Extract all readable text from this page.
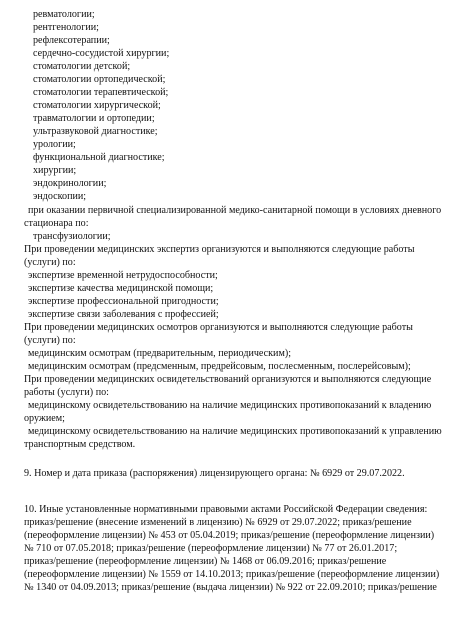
ревматологии;
рентгенологии;
рефлексотерапии;
сердечно-сосудистой хирургии;
стоматологии детской;
стоматологии ортопедической;
стоматологии терапевтической;
стоматологии хирургической;
травматологии и ортопедии;
ультразвуковой диагностике;
урологии;
функциональной диагностике;
хирургии;
эндокринологии;
эндоскопии;
при оказании первичной специализированной медико-санитарной помощи в условиях дневного
стационара по:
трансфузиологии;
При проведении медицинских экспертиз организуются и выполняются следующие работы
(услуги) по:
экспертизе временной нетрудоспособности;
экспертизе качества медицинской помощи;
экспертизе профессиональной пригодности;
экспертизе связи заболевания с профессией;
При проведении медицинских осмотров организуются и выполняются следующие работы
(услуги) по:
медицинским осмотрам (предварительным, периодическим);
медицинским осмотрам (предсменным, предрейсовым, послесменным, послерейсовым);
При проведении медицинских освидетельствований организуются и выполняются следующие
работы (услуги) по:
медицинскому освидетельствованию на наличие медицинских противопоказаний к владению
оружием;
медицинскому освидетельствованию на наличие медицинских противопоказаний к управлению
транспортным средством.
9. Номер и дата приказа (распоряжения) лицензирующего органа: № 6929 от 29.07.2022.
10. Иные установленные нормативными правовыми актами Российской Федерации сведения:
приказ/решение (внесение изменений в лицензию) № 6929 от 29.07.2022; приказ/решение
(переоформление лицензии) № 453 от 05.04.2019; приказ/решение (переоформление лицензии)
№ 710 от 07.05.2018; приказ/решение (переоформление лицензии) № 77 от 26.01.2017;
приказ/решение (переоформление лицензии) № 1468 от 06.09.2016; приказ/решение
(переоформление лицензии) № 1559 от 14.10.2013; приказ/решение (переоформление лицензии)
№ 1340 от 04.09.2013; приказ/решение (выдача лицензии) № 922 от 22.09.2010; приказ/решение
